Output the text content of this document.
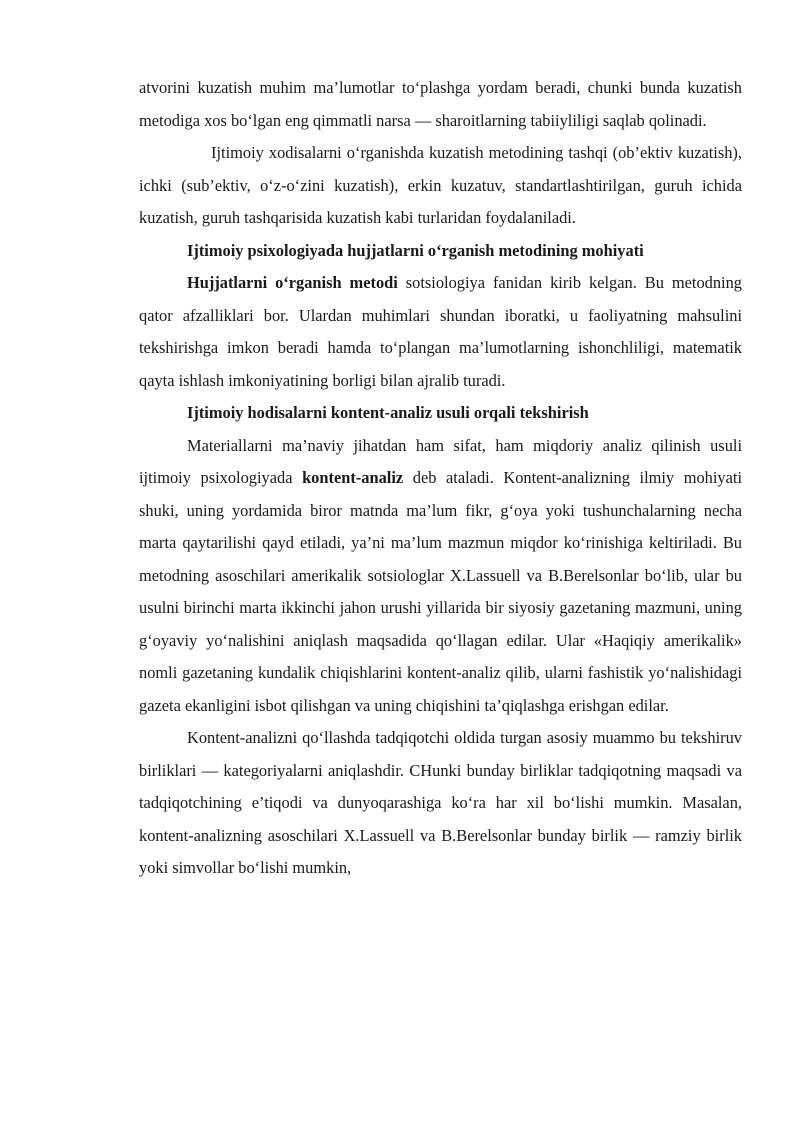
atvorini kuzatish muhim ma’lumotlar to‘plashga yordam beradi, chunki bunda kuzatish metodiga xos bo‘lgan eng qimmatli narsa — sharoitlarning tabiiyliligi saqlab qolinadi.

Ijtimoiy xodisalarni o‘rganishda kuzatish metodining tashqi (ob’ektiv kuzatish), ichki (sub’ektiv, o‘z-o‘zini kuzatish), erkin kuzatuv, standartlashtirilgan, guruh ichida kuzatish, guruh tashqarisida kuzatish kabi turlaridan foydalaniladi.

Ijtimoiy psixologiyada hujjatlarni o‘rganish metodining mohiyati

Hujjatlarni o‘rganish metodi sotsiologiya fanidan kirib kelgan. Bu metodning qator afzalliklari bor. Ulardan muhimlari shundan iboratki, u faoliyatning mahsulini tekshirishga imkon beradi hamda to‘plangan ma’lumotlarning ishonchliligi, matematik qayta ishlash imkoniyatining borligi bilan ajralib turadi.

Ijtimoiy hodisalarni kontent-analiz usuli orqali tekshirish

Materiallarni ma’naviy jihatdan ham sifat, ham miqdoriy analiz qilinish usuli ijtimoiy psixologiyada kontent-analiz deb ataladi. Kontent-analizning ilmiy mohiyati shuki, uning yordamida biror matnda ma’lum fikr, g‘oya yoki tushunchalarning necha marta qaytarilishi qayd etiladi, ya’ni ma’lum mazmun miqdor ko‘rinishiga keltiriladi. Bu metodning asoschilari amerikalik sotsiologlar X.Lassuell va B.Berelsonlar bo‘lib, ular bu usulni birinchi marta ikkinchi jahon urushi yillarida bir siyosiy gazetaning mazmuni, uning g‘oyaviy yo‘nalishini aniqlash maqsadida qo‘llagan edilar. Ular «Haqiqiy amerikalik» nomli gazetaning kundalik chiqishlarini kontent-analiz qilib, ularni fashistik yo‘nalishidagi gazeta ekanligini isbot qilishgan va uning chiqishini ta’qiqlashga erishgan edilar.

Kontent-analizni qo‘llashda tadqiqotchi oldida turgan asosiy muammo bu tekshiruv birliklari — kategoriyalarni aniqlashdir. CHunki bunday birliklar tadqiqotning maqsadi va tadqiqotchining e’tiqodi va dunyoqarashiga ko‘ra har xil bo‘lishi mumkin. Masalan, kontent-analizning asoschilari X.Lassuell va B.Berelsonlar bunday birlik — ramziy birlik yoki simvollar bo‘lishi mumkin,
